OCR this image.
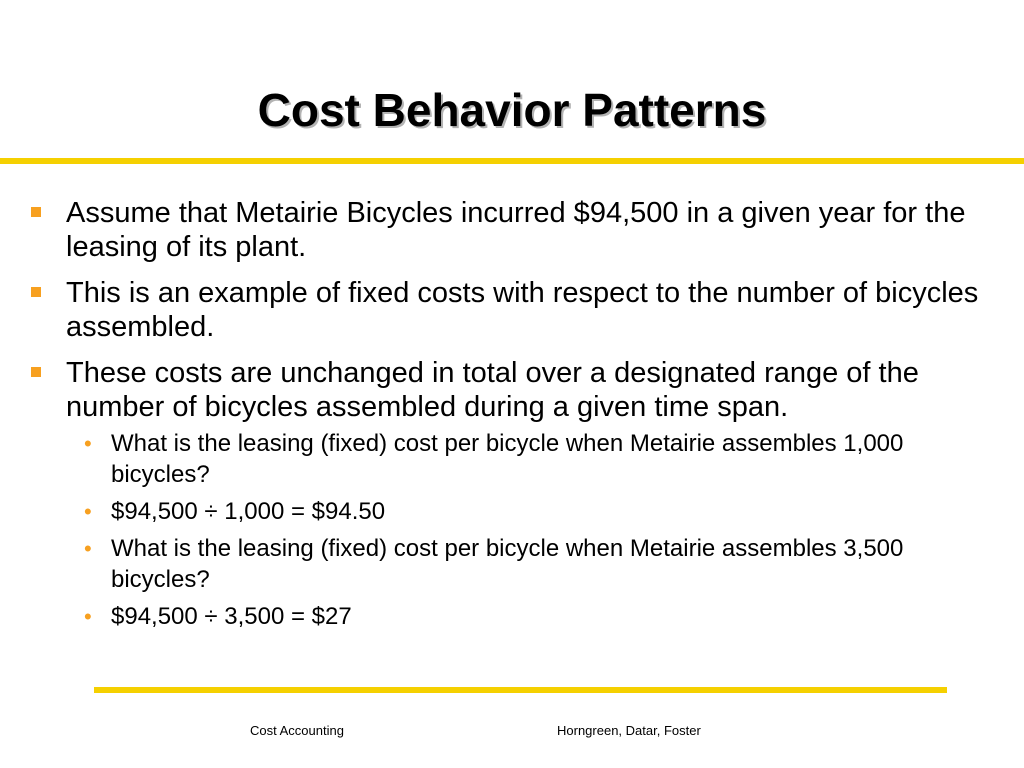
Cost Behavior Patterns
Assume that Metairie Bicycles incurred $94,500 in a given year for the leasing of its plant.
This is an example of fixed costs with respect to the number of bicycles assembled.
These costs are unchanged in total over a designated range of the number of bicycles assembled during a given time span.
• What is the leasing (fixed) cost per bicycle when Metairie assembles 1,000 bicycles?
• $94,500 ÷ 1,000 = $94.50
• What is the leasing (fixed) cost per bicycle when Metairie assembles 3,500 bicycles?
• $94,500 ÷ 3,500 = $27
Cost Accounting	Horngreen, Datar, Foster
